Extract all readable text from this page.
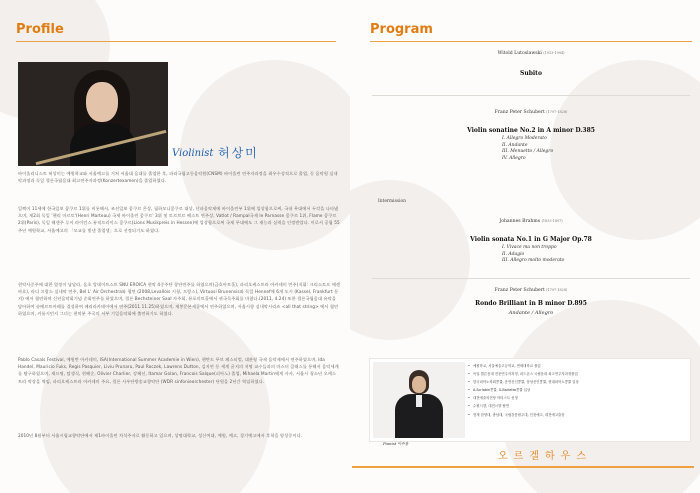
Profile
Violinist 허상미

바이올리니스트 허상미는 예원학교와 서울예고를 거쳐 서울대 음대를 졸업한 후, 파리국립고등음악원(CNSM) 바이올린 연주자과정을 최우수성적으로 졸업, 동 음악원 실내악과정과 독일 쾰른국립음대 최고연주자과정(Konzertexamen)을 졸업하였다.

일찍이 11세에 한국일보 콩쿠르 1위를 비롯해서, 조선일보 콩쿠르 은상, 필하모니콩쿠르 대상, 난파음악제에 바이올린부 1위에 입상함으로써, 국내 무대에서 두각을 나타냈으며, 제2회 독일 '헨리 마르토'(Henri Marteau) 국제 바이올린 콩쿠르' 3위 및 토르브르 베스트 연주상, Vatlot / Rampal국제 le Parnasse 콩쿠르 1위, Flame 콩쿠르 2위(Paris), 독일 헤센주 루이 라이언스 뮤직프라이스 콩쿠르(Lions Musikpreis in Hessen)에 입상함으로써 국제 무대에도 그 재능과 실력을 인정받았다. 이로서 공립 55주년 예원학교, 서울예고의 「모교를 빛낸 졸업생」으로 선정되기도 하였다.

현악사중주에 대한 열정이 남달라, 음초 앙데이트스트 SNU EROICA 현악 4중주단 창단연주를 하였으며(금호아트홀), 파리오케스트라 아카데미 연주(지휘: 크리스토프 에센바흐), 라디 프랑스 실내악 연주, Bel L' Air Orchestra와 협연 (2008,Levallois 시청, 프랑스), Virtuosi Brunensis와 독일 Hennef에 6개 도시 (Kassel, Frankfurt 등지) 에서 협연하며 신년음악회기념 순회연주를 하였으며, 쾰른 Bechsteiner Saal 자주회, 뮤포미트홀에서 귀국독주회를 마쳤다.(2011, 4.24) 또한 쾰른국립음대 유악을 담아하여 슈베르트아레를 결성하여 페리라카테아에서 연주(2011.11.25)하였으며, 제봉문본세쿨에서 연주하였으며, 서울시향 실내악시리즈 <all that string> 에서 협연하였으며, 카롤시민지 그녀는 현악분 주곡의 서부 기일음악회에 출연하기도 하였다.

Pablo Casals Festival, 예원반 아카데미, ISA(International Summer Academie in Wien), 헨반드 무브 페스티벌, 대관령 국제 음악제에서 연주하였으며, Ida Handel, Mauricio Fuks, Regis Pasquier, Liviu Prunaru, Paul Roczek, Lawrens Dutton, 김지연 등 세계 굴지의 저명 교수들과의 마스터 클래스를 통해서 음악세계를 탐구하였으며, 제프명, 탈생식, 현혜순, Olivier Charlier, 강혜선, Itamar Golan, Francois Salque(피아노) 졸업, Mihaela Martin에게 사사, 서울시 청소년 오케스트라 악장을 역임, 파리오케스트라 아카데미 주요, 쾰른 사우단방송교향악단 (WDR sinfonieorchester) 단원을 2년간 역임하였다.

2010년 8월부터 서울시립교향악단에서 제1바이올린 차석주자로 활동하고 있으며, 상명대학교, 성신여대, 예원, 예고, 경기예고에서 후학을 양성중이다.

Program
Witold Lutoslawski (1913-1994)
Subito
Franz Peter Schubert (1797-1828)
Violin sonatine No.2 in A minor D.385
I. Allegro Moderato
II. Andante
III. Menuetto / Allegro
IV. Allegro
Intermission
Johannes Brahms (1833-1897)
Violin sonata No.1 in G Major Op.78
I. Vivace ma non troppo
II. Adagio
III. Allegro molto moderato
Franz Peter Schubert (1797-1828)
Rondo Brilliant in B minor D.895
Andante / Allegro
Pianist 이주용
• 예원학교, 서울예술고등학교, 연세대학교 졸업
• 독일 쾰른음대 전문연주자과정, 피드폰스 국립음대 최고연주자과정졸업
• 한국피아노학회콩쿨, 음연신인콩쿨, 삼성신인콩쿨, 현대피아노콩쿨 입상
• A.Scriabin콩쿨, G.Barletta콩쿨 입상
• 대전예술의전당 아티스트 선정
• 수원시향, 대전시향 협연
• 현재 한양대, 충남대, 국립강릉원주대, 인천예고, 대전예고출강
오르겔하우스
